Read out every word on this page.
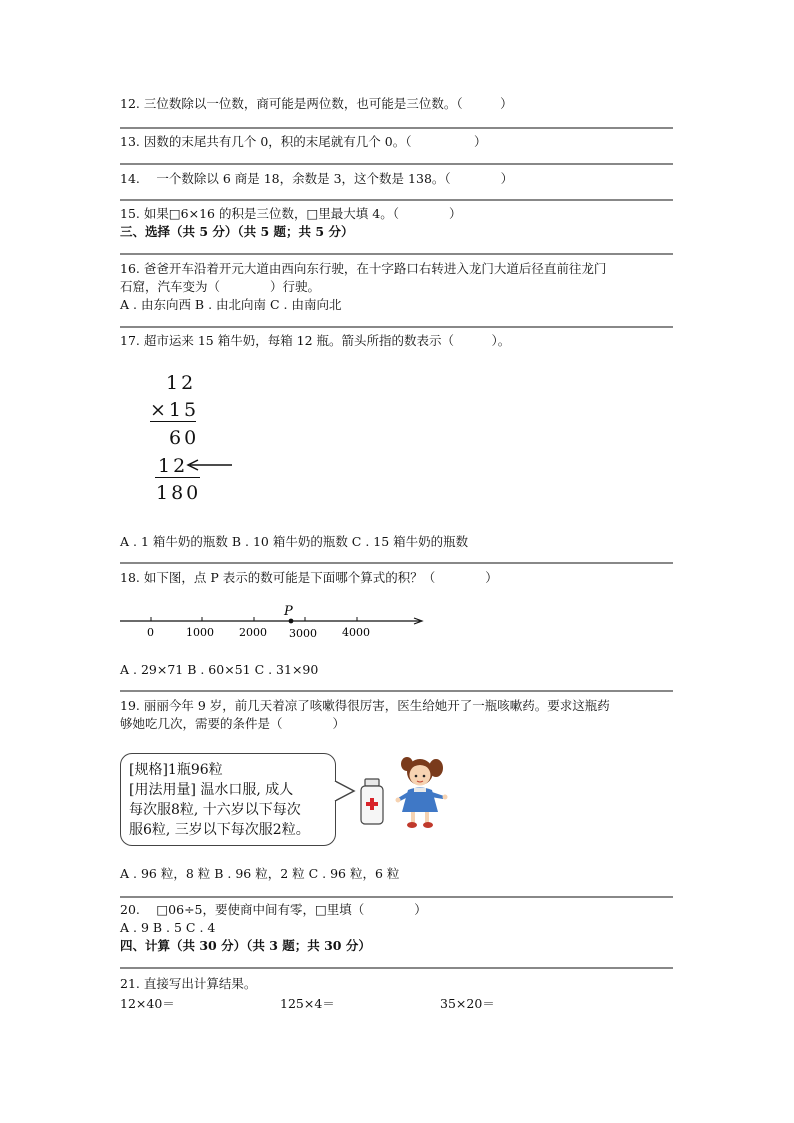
12. 三位数除以一位数，商可能是两位数，也可能是三位数。（　　　）
13. 因数的末尾共有几个 0，积的末尾就有几个 0。（　　　　　）
14.　 一个数除以 6 商是 18，余数是 3，这个数是 138。（　　　　）
15. 如果□6×16 的积是三位数，□里最大填 4。（　　　　）
三、选择（共 5 分）（共 5 题；共 5 分）
16. 爸爸开车沿着开元大道由西向东行驶，在十字路口右转进入龙门大道后径直前往龙门
石窟，汽车变为（　　　　）行驶。
A . 由东向西 B . 由北向南 C . 由南向北
17. 超市运来 15 箱牛奶，每箱 12 瓶。箭头所指的数表示（　　　）。
12
×15
60
12
180
A . 1 箱牛奶的瓶数 B . 10 箱牛奶的瓶数 C . 15 箱牛奶的瓶数
18. 如下图，点 P 表示的数可能是下面哪个算式的积？（　　　　）
P
0	1000 2000 3000 4000
A . 29×71 B . 60×51 C . 31×90
19. 丽丽今年 9 岁，前几天着凉了咳嗽得很厉害，医生给她开了一瓶咳嗽药。要求这瓶药
够她吃几次，需要的条件是（　　　　）
[规格]1瓶96粒
[用法用量] 温水口服, 成人
每次服8粒, 十六岁以下每次
服6粒, 三岁以下每次服2粒。
A . 96 粒，8 粒 B . 96 粒，2 粒 C . 96 粒，6 粒
20.　 □06÷5，要使商中间有零，□里填（　　　　）
A . 9 B . 5 C . 4
四、计算（共 30 分）（共 3 题；共 30 分）
21. 直接写出计算结果。
12×40＝	125×4＝	35×20＝
